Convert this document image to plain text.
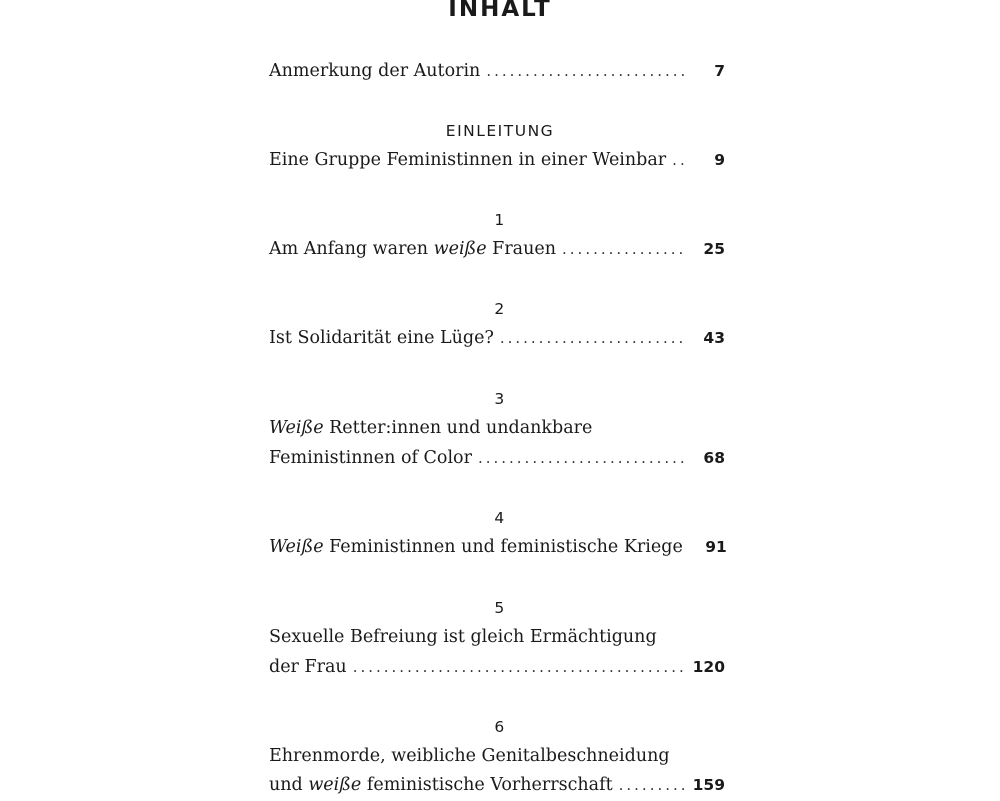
INHALT
Anmerkung der Autorin .....	7
EINLEITUNG
Eine Gruppe Feministinnen in einer Weinbar .....	9
1
Am Anfang waren weiße Frauen .....	25
2
Ist Solidarität eine Lüge? .....	43
3
Weiße Retter:innen und undankbare
Feministinnen of Color .....	68
4
Weiße Feministinnen und feministische Kriege	91
5
Sexuelle Befreiung ist gleich Ermächtigung
der Frau .....	120
6
Ehrenmorde, weibliche Genitalbeschneidung
und weiße feministische Vorherrschaft .....	159
